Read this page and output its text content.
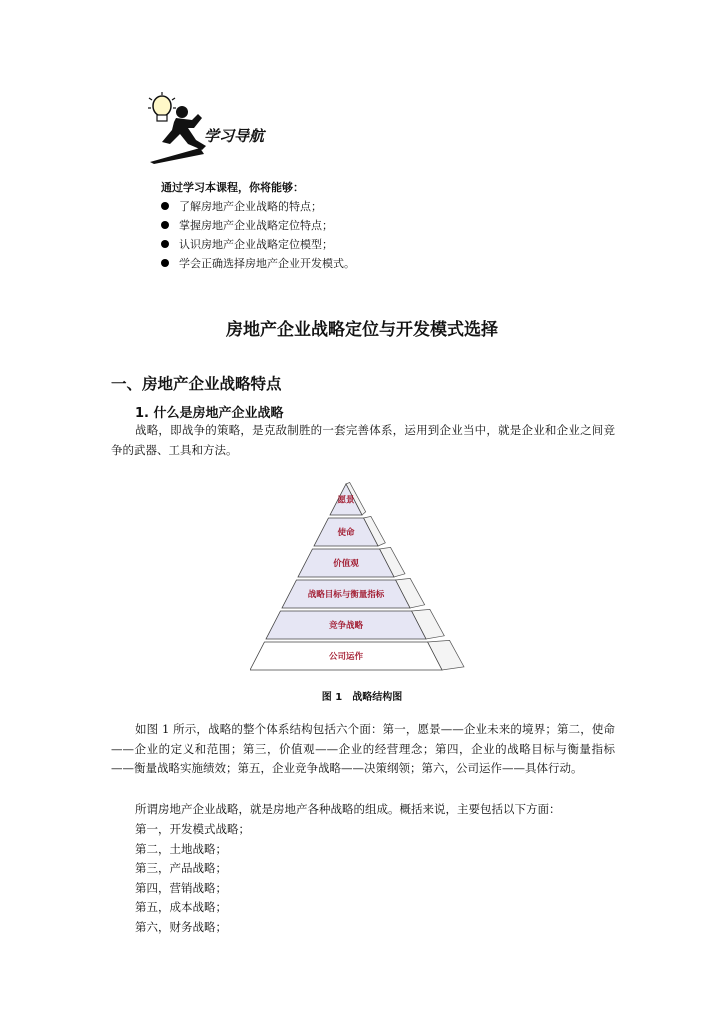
学习导航
通过学习本课程，你将能够：
了解房地产企业战略的特点；
掌握房地产企业战略定位特点；
认识房地产企业战略定位模型；
学会正确选择房地产企业开发模式。
房地产企业战略定位与开发模式选择
一、房地产企业战略特点
1. 什么是房地产企业战略

战略，即战争的策略，是克敌制胜的一套完善体系，运用到企业当中，就是企业和企业之间竞争的武器、工具和方法。

愿景
使命
价值观
战略目标与衡量指标
竞争战略
公司运作
图 1　战略结构图

如图 1 所示，战略的整个体系结构包括六个面：第一，愿景——企业未来的境界；第二，使命——企业的定义和范围；第三，价值观——企业的经营理念；第四，企业的战略目标与衡量指标——衡量战略实施绩效；第五，企业竞争战略——决策纲领；第六，公司运作——具体行动。

所谓房地产企业战略，就是房地产各种战略的组成。概括来说，主要包括以下方面：

第一，开发模式战略；
第二，土地战略；
第三，产品战略；
第四，营销战略；
第五，成本战略；
第六，财务战略；
